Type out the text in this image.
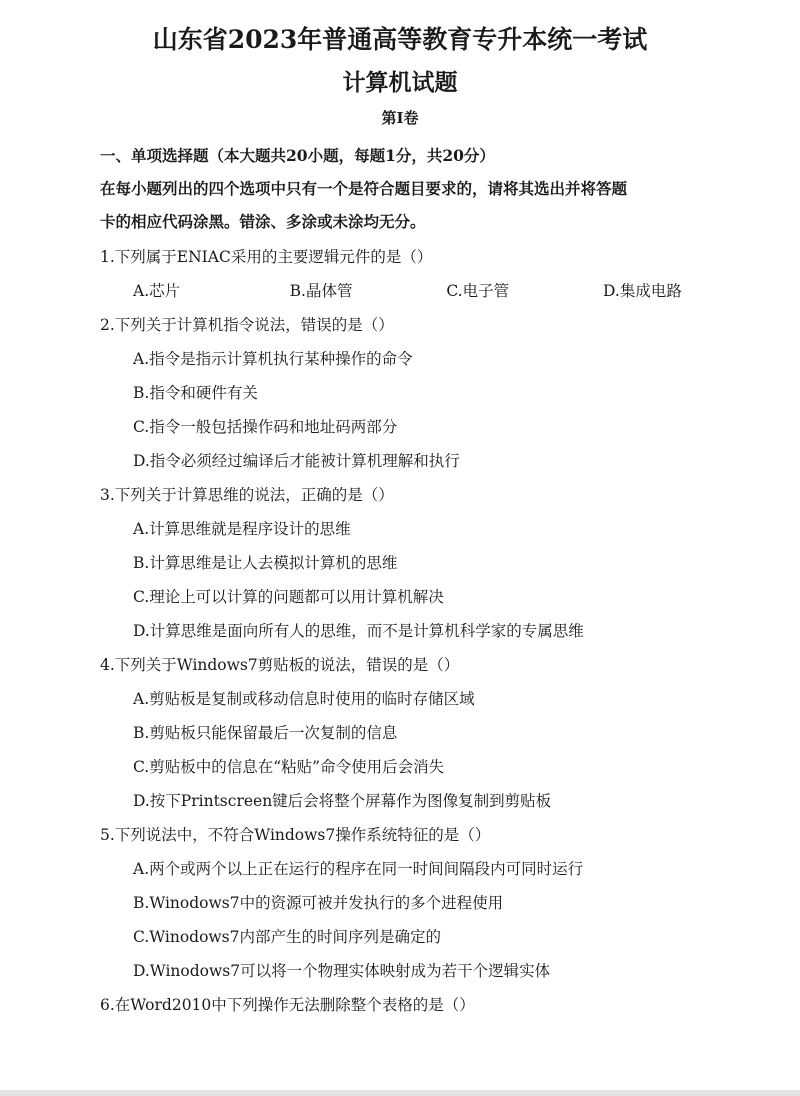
山东省2023年普通高等教育专升本统一考试
计算机试题
第I卷
一、单项选择题（本大题共20小题，每题1分，共20分）
在每小题列出的四个选项中只有一个是符合题目要求的，请将其选出并将答题
卡的相应代码涂黑。错涂、多涂或未涂均无分。
1.下列属于ENIAC采用的主要逻辑元件的是（）
A.芯片	B.晶体管	C.电子管	D.集成电路
2.下列关于计算机指令说法，错误的是（）
A.指令是指示计算机执行某种操作的命令
B.指令和硬件有关
C.指令一般包括操作码和地址码两部分
D.指令必须经过编译后才能被计算机理解和执行
3.下列关于计算思维的说法，正确的是（）
A.计算思维就是程序设计的思维
B.计算思维是让人去模拟计算机的思维
C.理论上可以计算的问题都可以用计算机解决
D.计算思维是面向所有人的思维，而不是计算机科学家的专属思维
4.下列关于Windows7剪贴板的说法，错误的是（）
A.剪贴板是复制或移动信息时使用的临时存储区域
B.剪贴板只能保留最后一次复制的信息
C.剪贴板中的信息在“粘贴”命令使用后会消失
D.按下Printscreen键后会将整个屏幕作为图像复制到剪贴板
5.下列说法中，不符合Windows7操作系统特征的是（）
A.两个或两个以上正在运行的程序在同一时间间隔段内可同时运行
B.Winodows7中的资源可被并发执行的多个进程使用
C.Winodows7内部产生的时间序列是确定的
D.Winodows7可以将一个物理实体映射成为若干个逻辑实体
6.在Word2010中下列操作无法删除整个表格的是（）
